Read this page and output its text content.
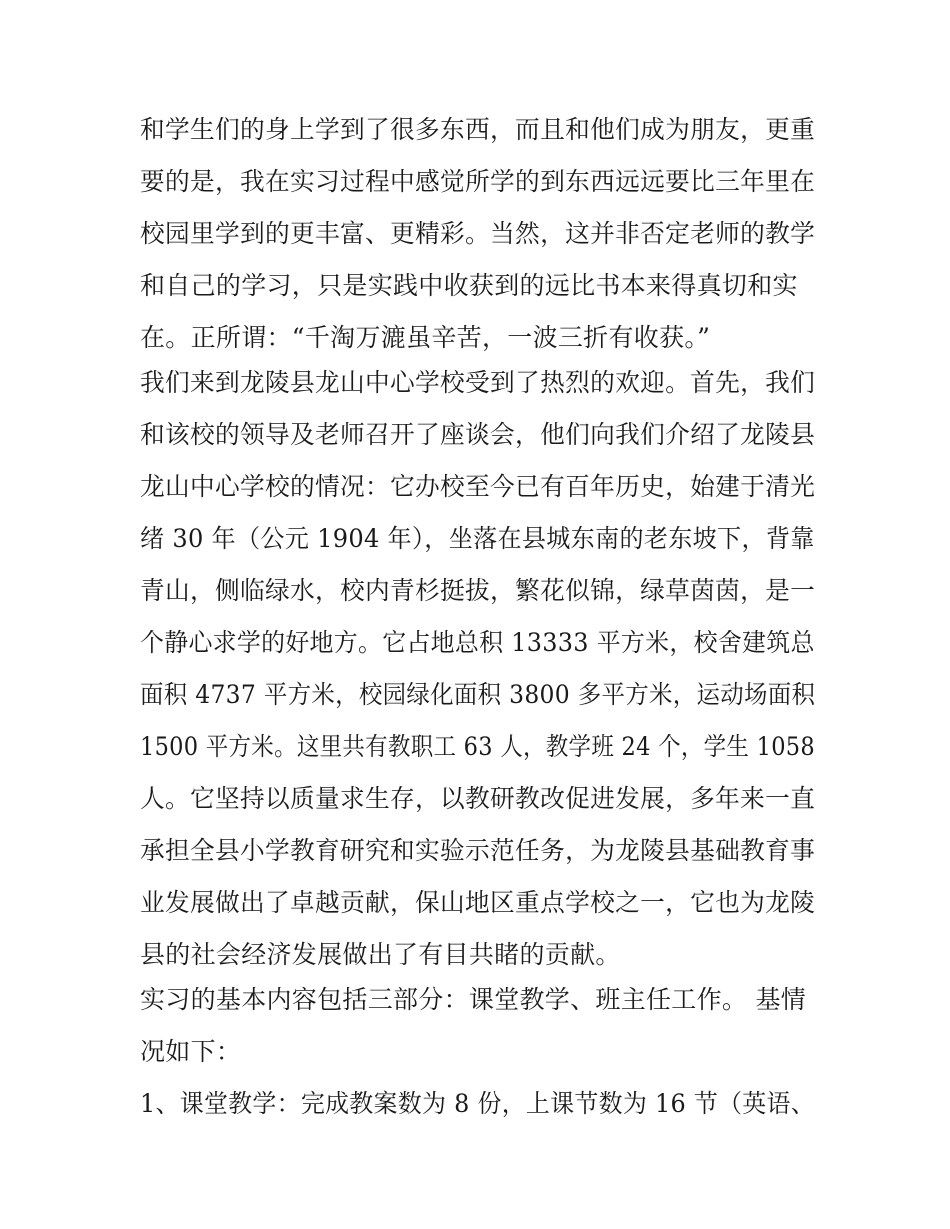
和学生们的身上学到了很多东西，而且和他们成为朋友，更重
要的是，我在实习过程中感觉所学的到东西远远要比三年里在
校园里学到的更丰富、更精彩。当然，这并非否定老师的教学
和自己的学习，只是实践中收获到的远比书本来得真切和实
在。正所谓：“千淘万漉虽辛苦，一波三折有收获。”
我们来到龙陵县龙山中心学校受到了热烈的欢迎。首先，我们
和该校的领导及老师召开了座谈会，他们向我们介绍了龙陵县
龙山中心学校的情况：它办校至今已有百年历史，始建于清光
绪 30 年（公元 1904 年），坐落在县城东南的老东坡下，背靠
青山，侧临绿水，校内青杉挺拔，繁花似锦，绿草茵茵，是一
个静心求学的好地方。它占地总积 13333 平方米，校舍建筑总
面积 4737 平方米，校园绿化面积 3800 多平方米，运动场面积
1500 平方米。这里共有教职工 63 人，教学班 24 个，学生 1058
人。它坚持以质量求生存，以教研教改促进发展，多年来一直
承担全县小学教育研究和实验示范任务，为龙陵县基础教育事
业发展做出了卓越贡献，保山地区重点学校之一，它也为龙陵
县的社会经济发展做出了有目共睹的贡献。
实习的基本内容包括三部分：课堂教学、班主任工作。 基情
况如下：
1、课堂教学：完成教案数为 8 份，上课节数为 16 节（英语、
